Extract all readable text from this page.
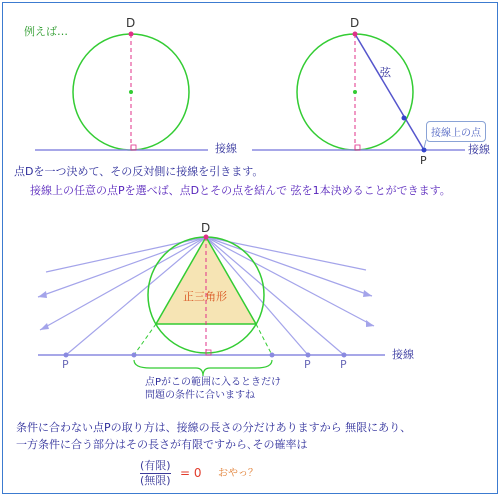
例えば…
D	D
弦
接線	接線
P
接線上の点
点Dを一つ決めて、その反対側に接線を引きます。
接線上の任意の点Pを選べば、点Dとその点を結んで 弦を1本決めることができます。
D
正三角形
接線
P	P	P
点Pがこの範囲に入るときだけ
問題の条件に合いますね
条件に合わない点Pの取り方は、接線の長さの分だけありますから 無限にあり、
一方条件に合う部分はその長さが有限ですから､その確率は
(有限)
(無限)
= 0 おやっ？
